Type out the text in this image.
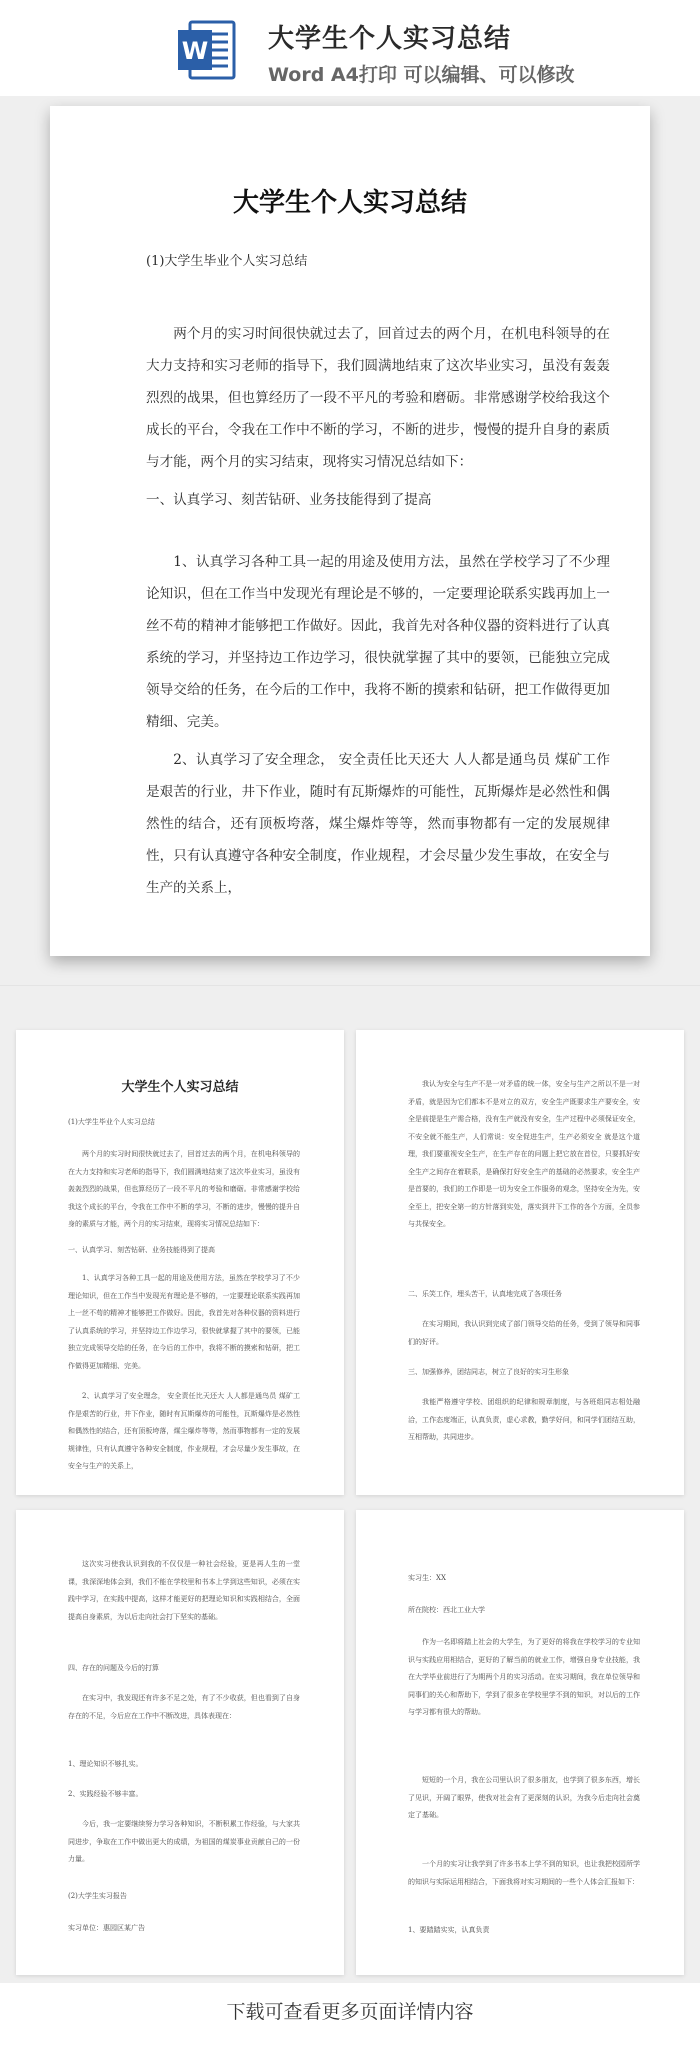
W 大学生个人实习总结
Word A4打印 可以编辑、可以修改
大学生个人实习总结
(1)大学生毕业个人实习总结
两个月的实习时间很快就过去了，回首过去的两个月，在机电科领导的在大力支持和实习老师的指导下，我们圆满地结束了这次毕业实习，虽没有轰轰烈烈的战果，但也算经历了一段不平凡的考验和磨砺。非常感谢学校给我这个成长的平台，令我在工作中不断的学习，不断的进步，慢慢的提升自身的素质与才能，两个月的实习结束，现将实习情况总结如下：
一、认真学习、刻苦钻研、业务技能得到了提高
1、认真学习各种工具一起的用途及使用方法，虽然在学校学习了不少理论知识，但在工作当中发现光有理论是不够的，一定要理论联系实践再加上一丝不苟的精神才能够把工作做好。因此，我首先对各种仪器的资料进行了认真系统的学习，并坚持边工作边学习，很快就掌握了其中的要领，已能独立完成领导交给的任务，在今后的工作中，我将不断的摸索和钻研，把工作做得更加精细、完美。
2、认真学习了安全理念， 安全责任比天还大 人人都是通鸟员 煤矿工作是艰苦的行业，井下作业，随时有瓦斯爆炸的可能性，瓦斯爆炸是必然性和偶然性的结合，还有顶板垮落，煤尘爆炸等等，然而事物都有一定的发展规律性，只有认真遵守各种安全制度，作业规程，才会尽量少发生事故，在安全与生产的关系上，
大学生个人实习总结
(1)大学生毕业个人实习总结
两个月的实习时间很快就过去了，回首过去的两个月，在机电科领导的在大力支持和实习老师的指导下，我们圆满地结束了这次毕业实习，虽没有轰轰烈烈的战果，但也算经历了一段不平凡的考验和磨砺。非常感谢学校给我这个成长的平台，令我在工作中不断的学习，不断的进步，慢慢的提升自身的素质与才能，两个月的实习结束，现将实习情况总结如下：
一、认真学习、刻苦钻研、业务技能得到了提高
1、认真学习各种工具一起的用途及使用方法，虽然在学校学习了不少理论知识，但在工作当中发现光有理论是不够的，一定要理论联系实践再加上一丝不苟的精神才能够把工作做好。因此，我首先对各种仪器的资料进行了认真系统的学习，并坚持边工作边学习，很快就掌握了其中的要领，已能独立完成领导交给的任务，在今后的工作中，我将不断的摸索和钻研，把工作做得更加精细、完美。
2、认真学习了安全理念， 安全责任比天还大 人人都是通鸟员 煤矿工作是艰苦的行业，井下作业，随时有瓦斯爆炸的可能性，瓦斯爆炸是必然性和偶然性的结合，还有顶板垮落，煤尘爆炸等等，然而事物都有一定的发展规律性，只有认真遵守各种安全制度，作业规程，才会尽量少发生事故，在安全与生产的关系上，
我认为安全与生产不是一对矛盾的统一体，安全与生产之所以不是一对矛盾，就是因为它们都本不是对立的双方，安全生产既要求生产要安全，安全是前提是生产需合格，没有生产就没有安全，生产过程中必须保证安全，不安全就不能生产，人们常说：安全促进生产，生产必须安全 就是这个道理，我们要重视安全生产，在生产存在的问题上把它放在首位，只要抓好安全生产之间存在着联系，是确保打好安全生产的基础的必然要求，安全生产是首要的，我们的工作即是一切为安全工作服务的观念，坚持安全为先，安全至上，把安全第一的方针落到实处，落实到井下工作的各个方面，全员参与共保安全。
二、乐笑工作，埋头苦干，认真地完成了各项任务
在实习期间，我认识到完成了部门领导交给的任务，受到了领导和同事们的好评。
三、加强修养，团结同志，树立了良好的实习生形象
我能严格遵守学校、团组织的纪律和规章制度，与各班组同志相处融洽，工作态度端正，认真负责，虚心求教，勤学好问，和同学们团结互助，互相帮助，共同进步。
这次实习使我认识到我的不仅仅是一种社会经验，更是再人生的一堂课，我深深地体会到，我们不能在学校里和书本上学到这些知识，必须在实践中学习，在实践中提高，这样才能更好的把理论知识和实践相结合，全面提高自身素质，为以后走向社会打下坚实的基础。
四、存在的问题及今后的打算
在实习中，我发现还有许多不足之处，有了不少收获，但也看到了自身存在的不足，今后应在工作中不断改进，具体表现在：
1、理论知识不够扎实。
2、实践经验不够丰富。
今后，我一定要继续努力学习各种知识，不断积累工作经验，与大家共同进步，争取在工作中做出更大的成绩，为祖国的煤炭事业贡献自己的一份力量。
(2)大学生实习报告
实习单位：惠园区某广告
实习生：XX
所在院校：西北工业大学
作为一名即将踏上社会的大学生，为了更好的将我在学校学习的专业知识与实践应用相结合，更好的了解当前的就业工作，增强自身专业技能，我在大学毕业前进行了为期两个月的实习活动。在实习期间，我在单位领导和同事们的关心和帮助下，学到了很多在学校里学不到的知识，对以后的工作与学习都有很大的帮助。
短短的一个月，我在公司里认识了很多朋友，也学到了很多东西，增长了见识，开阔了眼界，使我对社会有了更深刻的认识，为我今后走向社会奠定了基础。
一个月的实习让我学到了许多书本上学不到的知识，也让我把校园所学的知识与实际运用相结合，下面我将对实习期间的一些个人体会汇报如下：
1、要踏踏实实，认真负责
下载可查看更多页面详情内容
